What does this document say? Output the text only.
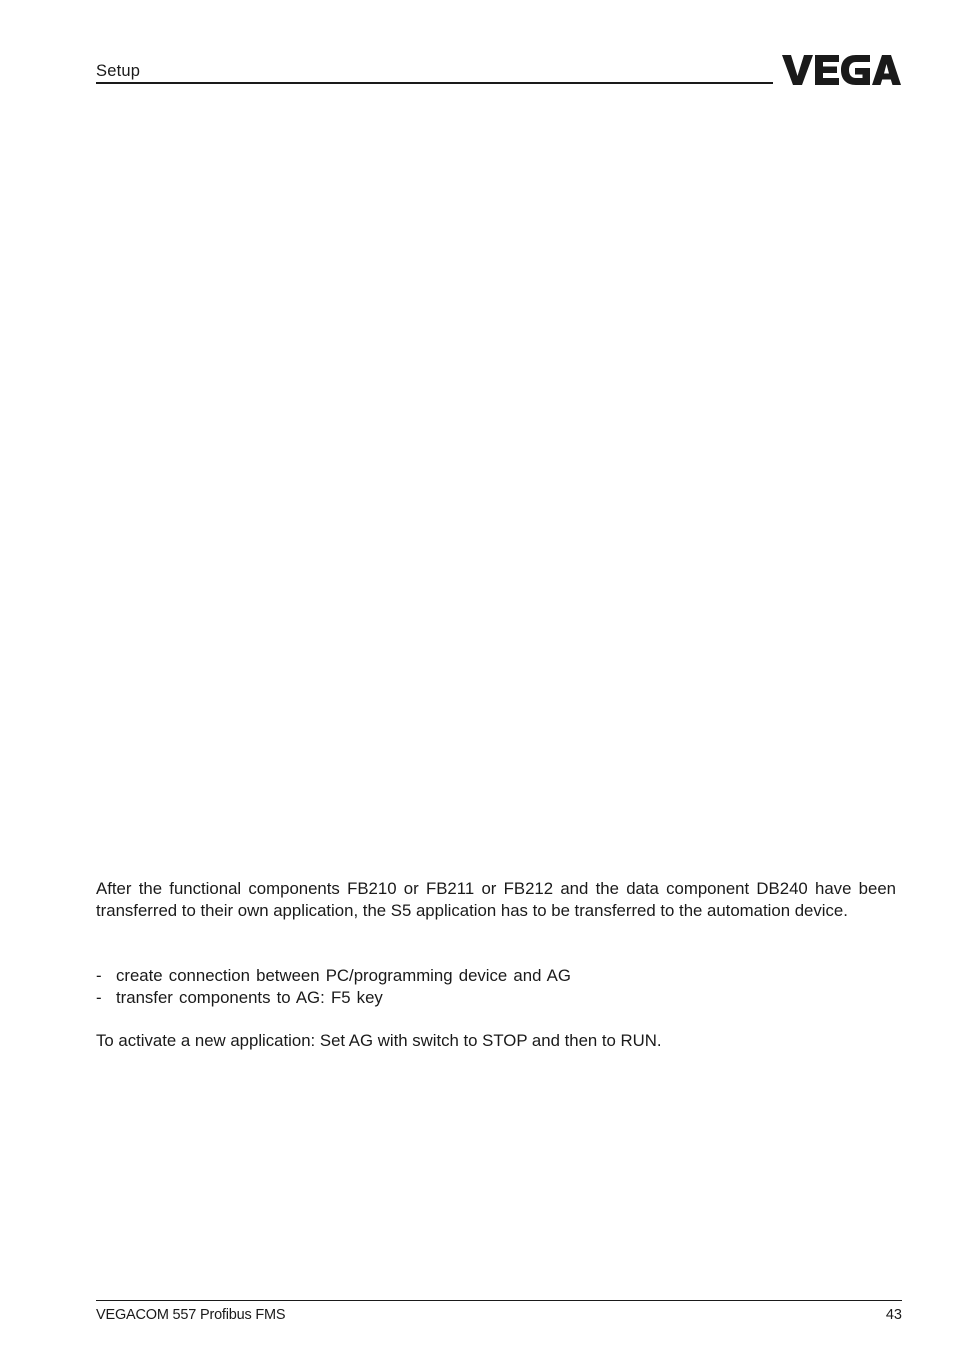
Setup
After the functional components FB210 or FB211 or FB212 and the data component DB240 have been transferred to their own application, the S5 application has to be transferred to the automation device.
- create connection between PC/programming device and AG
- transfer components to AG: F5 key
To activate a new application: Set AG with switch to STOP and then to RUN.
VEGACOM 557 Profibus FMS	43
